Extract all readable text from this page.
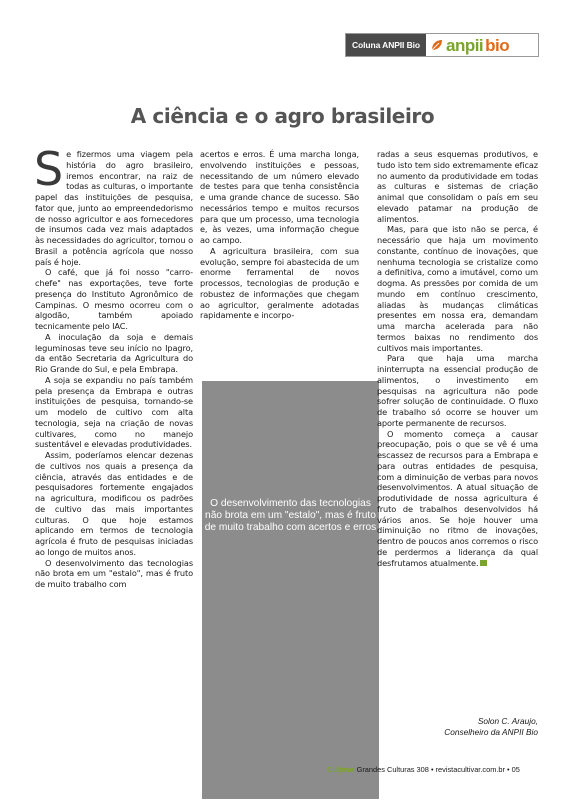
Coluna ANPII Bio	anpii bio
A ciência e o agro brasileiro

Se fizermos uma viagem pela história do agro brasileiro, iremos encontrar, na raiz de todas as culturas, o importante papel das instituições de pesquisa, fator que, junto ao empreendedorismo de nosso agricultor e aos fornecedores de insumos cada vez mais adaptados às necessidades do agricultor, tornou o Brasil a potência agrícola que nosso país é hoje.

O café, que já foi nosso "carro-chefe" nas exportações, teve forte presença do Instituto Agronômico de Campinas. O mesmo ocorreu com o algodão, também apoiado tecnicamente pelo IAC.

A inoculação da soja e demais leguminosas teve seu início no Ipagro, da então Secretaria da Agricultura do Rio Grande do Sul, e pela Embrapa.

A soja se expandiu no país também pela presença da Embrapa e outras instituições de pesquisa, tornando-se um modelo de cultivo com alta tecnologia, seja na criação de novas cultivares, como no manejo sustentável e elevadas produtividades.

Assim, poderíamos elencar dezenas de cultivos nos quais a presença da ciência, através das entidades e de pesquisadores fortemente engajados na agricultura, modificou os padrões de cultivo das mais importantes culturas. O que hoje estamos aplicando em termos de tecnologia agrícola é fruto de pesquisas iniciadas ao longo de muitos anos.

O desenvolvimento das tecnologias não brota em um "estalo", mas é fruto de muito trabalho com

acertos e erros. É uma marcha longa, envolvendo instituições e pessoas, necessitando de um número elevado de testes para que tenha consistência e uma grande chance de sucesso. São necessários tempo e muitos recursos para que um processo, uma tecnologia e, às vezes, uma informação chegue ao campo.

A agricultura brasileira, com sua evolução, sempre foi abastecida de um enorme ferramental de novos processos, tecnologias de produção e robustez de informações que chegam ao agricultor, geralmente adotadas rapidamente e incorpo-

O desenvolvimento das tecnologias não brota em um "estalo", mas é fruto de muito trabalho com acertos e erros

radas a seus esquemas produtivos, e tudo isto tem sido extremamente eficaz no aumento da produtividade em todas as culturas e sistemas de criação animal que consolidam o país em seu elevado patamar na produção de alimentos.

Mas, para que isto não se perca, é necessário que haja um movimento constante, contínuo de inovações, que nenhuma tecnologia se cristalize como a definitiva, como a imutável, como um dogma. As pressões por comida de um mundo em contínuo crescimento, aliadas às mudanças climáticas presentes em nossa era, demandam uma marcha acelerada para não termos baixas no rendimento dos cultivos mais importantes.

Para que haja uma marcha ininterrupta na essencial produção de alimentos, o investimento em pesquisas na agricultura não pode sofrer solução de continuidade. O fluxo de trabalho só ocorre se houver um aporte permanente de recursos.

O momento começa a causar preocupação, pois o que se vê é uma escassez de recursos para a Embrapa e para outras entidades de pesquisa, com a diminuição de verbas para novos desenvolvimentos. A atual situação de produtividade de nossa agricultura é fruto de trabalhos desenvolvidos há vários anos. Se hoje houver uma diminuição no ritmo de inovações, dentro de poucos anos corremos o risco de perdermos a liderança da qual desfrutamos atualmente.

Solon C. Araujo,
Conselheiro da ANPII Bio
Cultivar Grandes Culturas 308 • revistacultivar.com.br • 05
